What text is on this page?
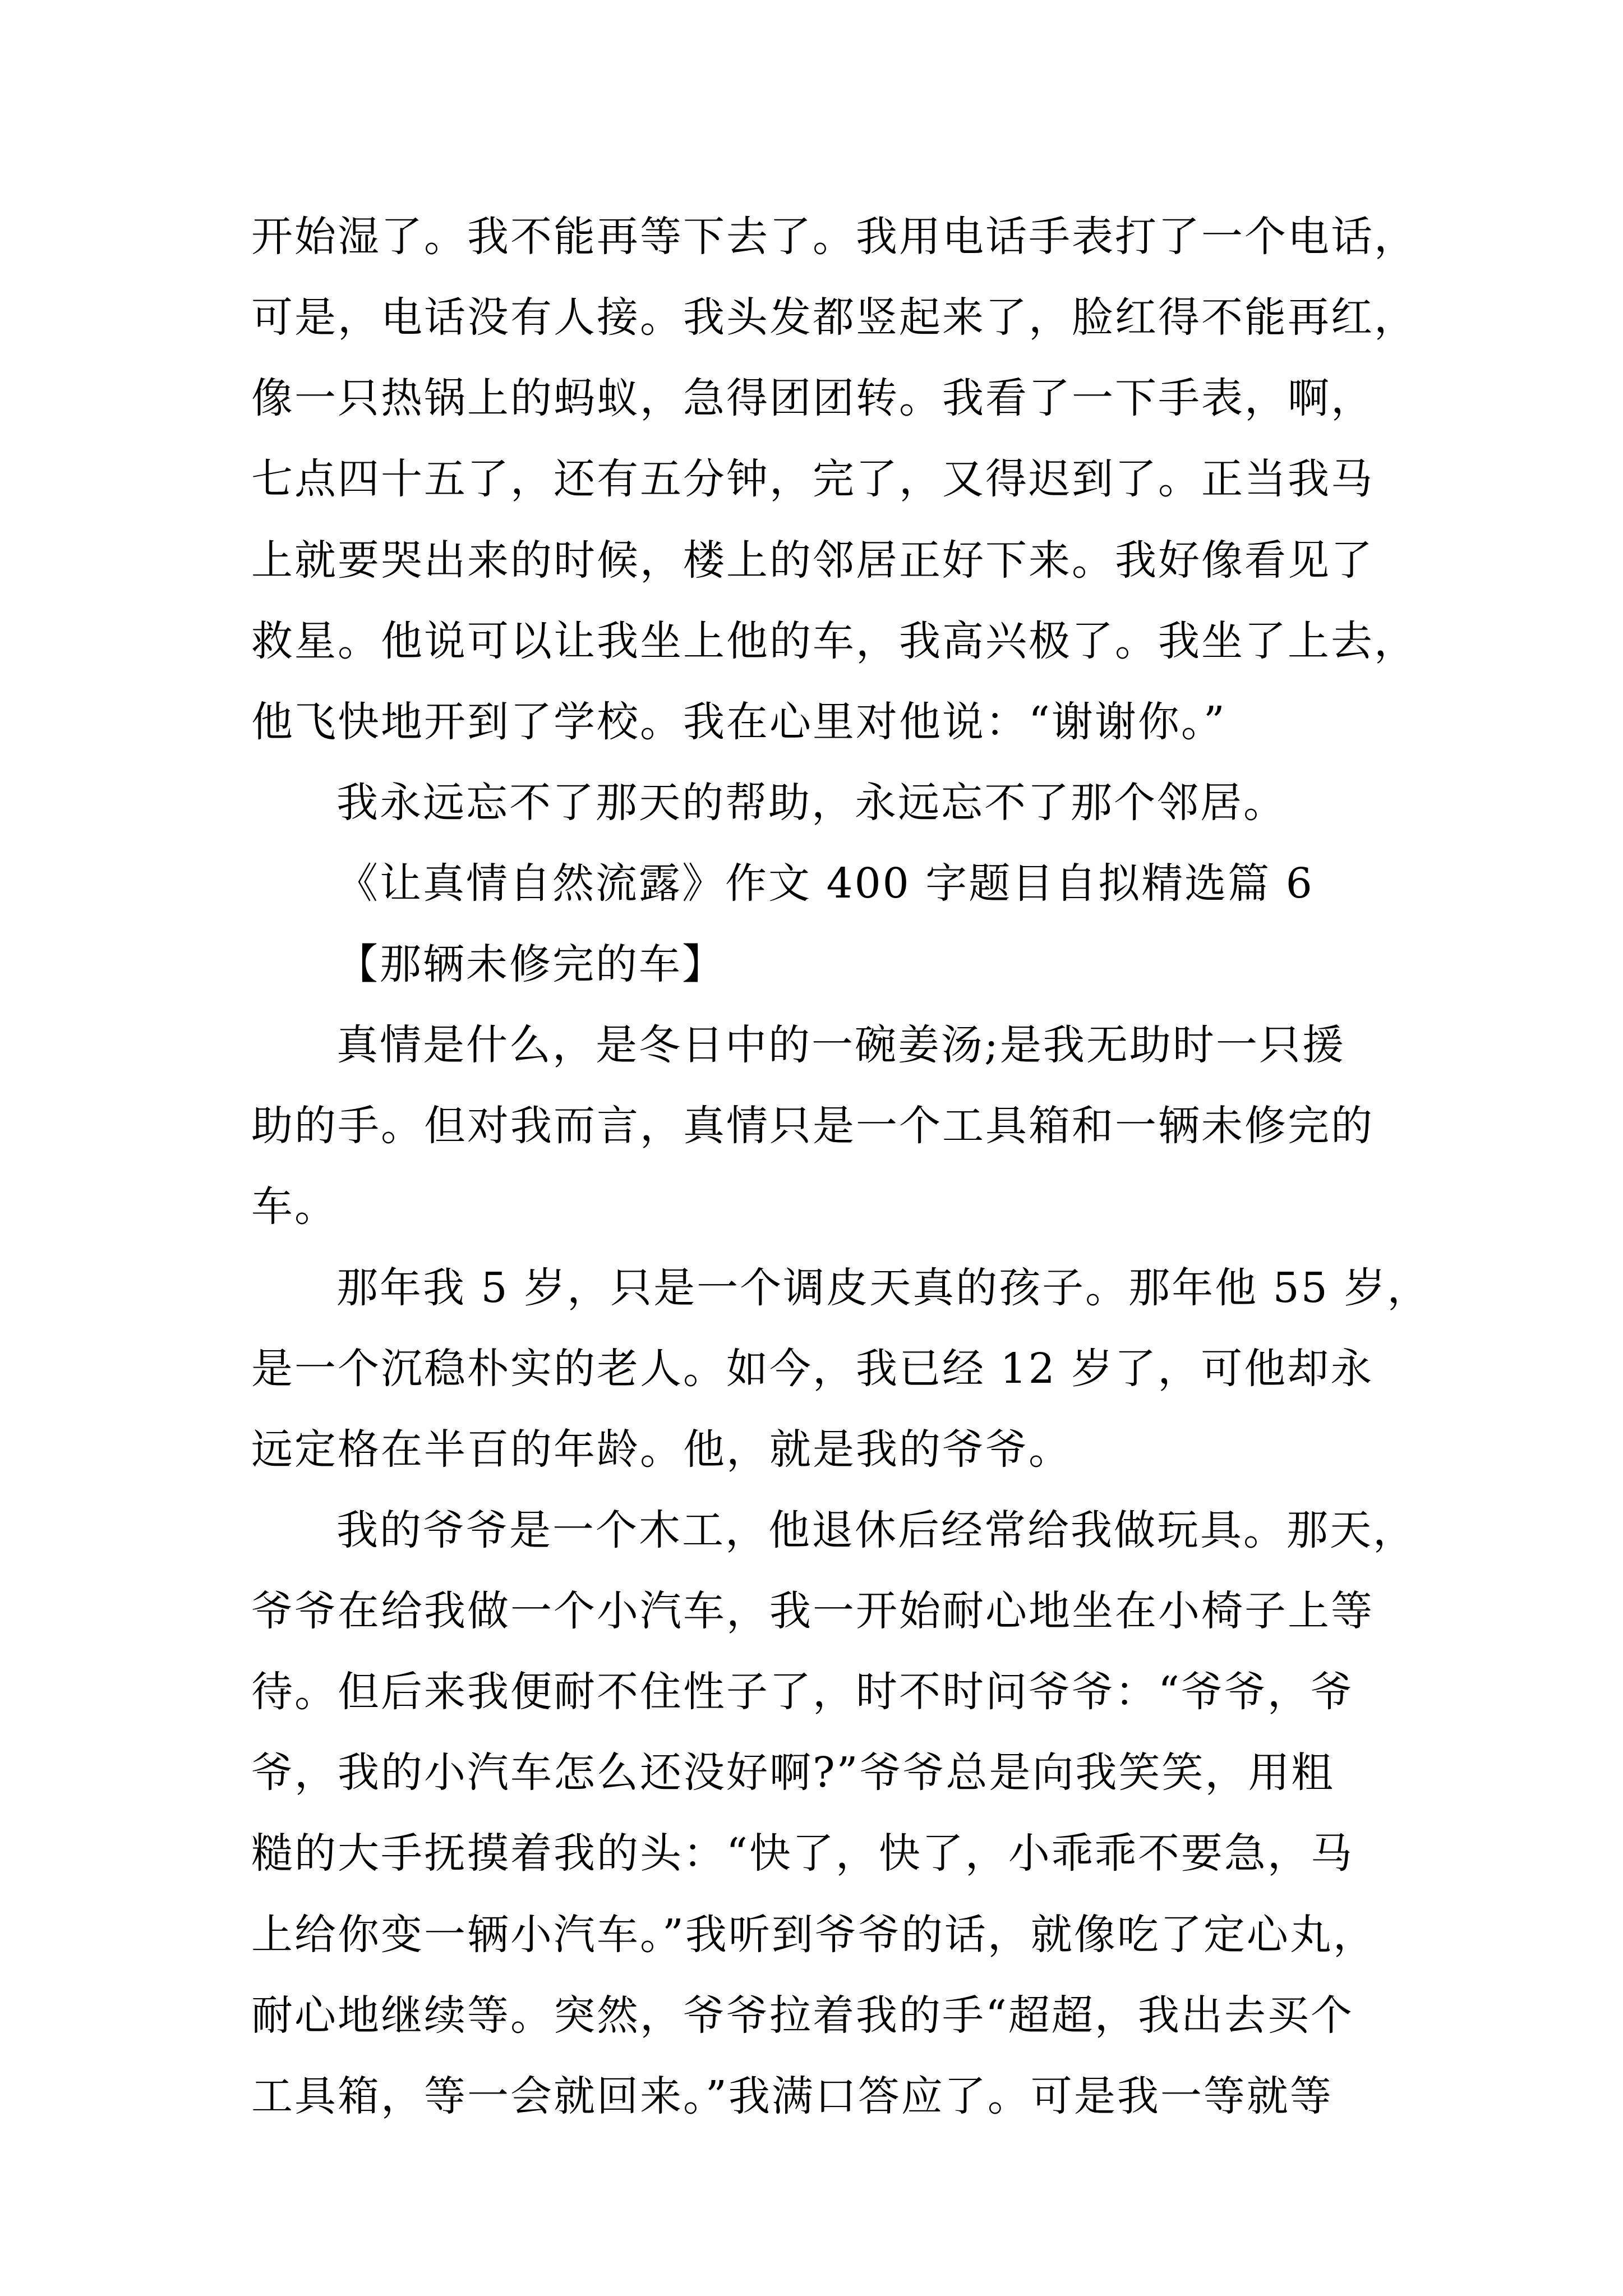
开始湿了。我不能再等下去了。我用电话手表打了一个电话，
可是，电话没有人接。我头发都竖起来了，脸红得不能再红，
像一只热锅上的蚂蚁，急得团团转。我看了一下手表，啊，
七点四十五了，还有五分钟，完了，又得迟到了。正当我马
上就要哭出来的时候，楼上的邻居正好下来。我好像看见了
救星。他说可以让我坐上他的车，我高兴极了。我坐了上去，
他飞快地开到了学校。我在心里对他说：“谢谢你。”
我永远忘不了那天的帮助，永远忘不了那个邻居。
《让真情自然流露》作文 400 字题目自拟精选篇 6
【那辆未修完的车】
真情是什么，是冬日中的一碗姜汤;是我无助时一只援
助的手。但对我而言，真情只是一个工具箱和一辆未修完的
车。
那年我 5 岁，只是一个调皮天真的孩子。那年他 55 岁，
是一个沉稳朴实的老人。如今，我已经 12 岁了，可他却永
远定格在半百的年龄。他，就是我的爷爷。
我的爷爷是一个木工，他退休后经常给我做玩具。那天，
爷爷在给我做一个小汽车，我一开始耐心地坐在小椅子上等
待。但后来我便耐不住性子了，时不时问爷爷：“爷爷，爷
爷，我的小汽车怎么还没好啊?”爷爷总是向我笑笑，用粗
糙的大手抚摸着我的头：“快了，快了，小乖乖不要急，马
上给你变一辆小汽车。”我听到爷爷的话，就像吃了定心丸，
耐心地继续等。突然，爷爷拉着我的手“超超，我出去买个
工具箱，等一会就回来。”我满口答应了。可是我一等就等
